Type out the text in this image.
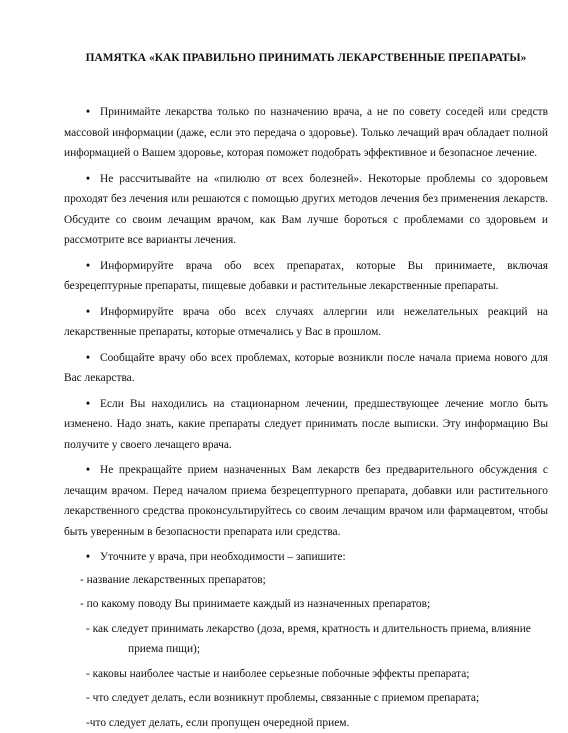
ПАМЯТКА «КАК ПРАВИЛЬНО ПРИНИМАТЬ ЛЕКАРСТВЕННЫЕ ПРЕПАРАТЫ»
• Принимайте лекарства только по назначению врача, а не по совету соседей или средств массовой информации (даже, если это передача о здоровье). Только лечащий врач обладает полной информацией о Вашем здоровье, которая поможет подобрать эффективное и безопасное лечение.
• Не рассчитывайте на «пилюлю от всех болезней». Некоторые проблемы со здоровьем проходят без лечения или решаются с помощью других методов лечения без применения лекарств. Обсудите со своим лечащим врачом, как Вам лучше бороться с проблемами со здоровьем и рассмотрите все варианты лечения.
• Информируйте врача обо всех препаратах, которые Вы принимаете, включая безрецептурные препараты, пищевые добавки и растительные лекарственные препараты.
• Информируйте врача обо всех случаях аллергии или нежелательных реакций на лекарственные препараты, которые отмечались у Вас в прошлом.
• Сообщайте врачу обо всех проблемах, которые возникли после начала приема нового для Вас лекарства.
• Если Вы находились на стационарном лечении, предшествующее лечение могло быть изменено. Надо знать, какие препараты следует принимать после выписки. Эту информацию Вы получите у своего лечащего врача.
• Не прекращайте прием назначенных Вам лекарств без предварительного обсуждения с лечащим врачом. Перед началом приема безрецептурного препарата, добавки или растительного лекарственного средства проконсультируйтесь со своим лечащим врачом или фармацевтом, чтобы быть уверенным в безопасности препарата или средства.
• Уточните у врача, при необходимости – запишите:
- название лекарственных препаратов;
- по какому поводу Вы принимаете каждый из назначенных препаратов;
- как следует принимать лекарство (доза, время, кратность и длительность приема, влияние
приема пищи);
- каковы наиболее частые и наиболее серьезные побочные эффекты препарата;
- что следует делать, если возникнут проблемы, связанные с приемом препарата;
-что следует делать, если пропущен очередной прием.
